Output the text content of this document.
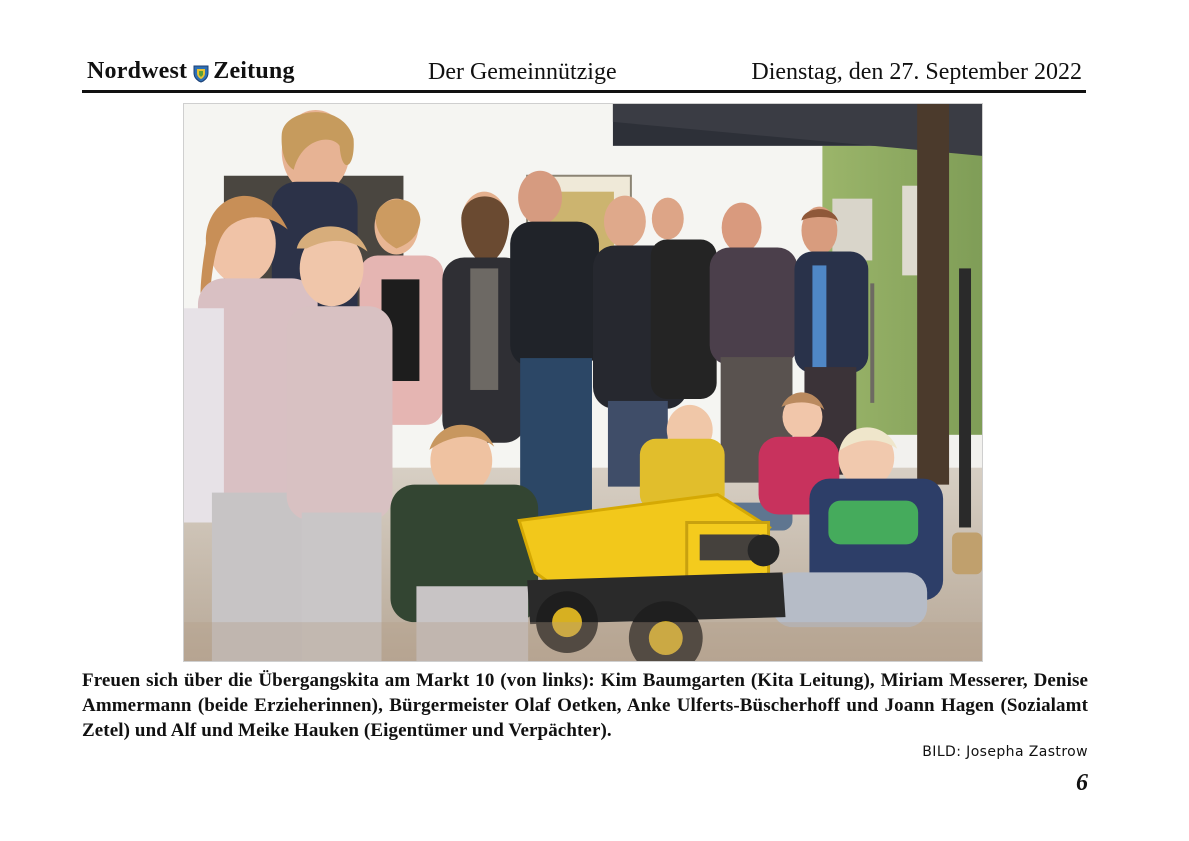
Nordwest Zeitung	Der Gemeinnützige	Dienstag, den 27. September 2022
Freuen sich über die Übergangskita am Markt 10 (von links): Kim Baumgarten (Kita Leitung), Miriam Messerer, Denise Ammermann (beide Erzieherinnen), Bürgermeister Olaf Oetken, Anke Ulferts-Büscherhoff und Joann Hagen (Sozialamt Zetel) und Alf und Meike Hauken (Eigentümer und Verpächter).
BILD: Josepha Zastrow
6
